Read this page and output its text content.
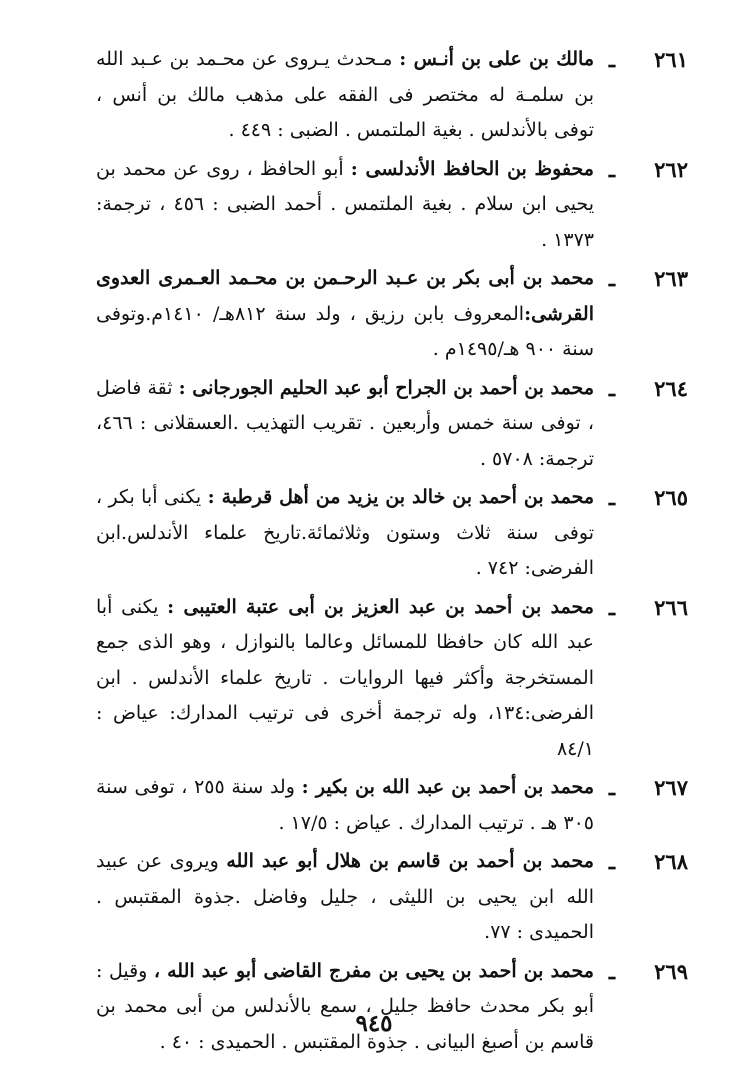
٢٦١
ـ
مالك بن على بن أنـس : مـحدث يـروى عن محـمد بن عـبد الله بن سلمـة له مختصر فى الفقه على مذهب مالك بن أنس ، توفى بالأندلس . بغية الملتمس . الضبى : ٤٤٩ .
٢٦٢
ـ
محفوظ بن الحافظ الأندلسى : أبو الحافظ ، روى عن محمد بن يحيى ابن سلام . بغية الملتمس . أحمد الضبى : ٤٥٦ ، ترجمة: ١٣٧٣ .
٢٦٣
ـ
محمد بن أبى بكر بن عـبد الرحـمن بن محـمد العـمرى العدوى القرشى:المعروف بابن رزيق ، ولد سنة ٨١٢هـ/ ١٤١٠م.وتوفى سنة ٩٠٠ هـ/١٤٩٥م .
٢٦٤
ـ
محمد بن أحمد بن الجراح أبو عبد الحليم الجورجانى : ثقة فاضل ، توفى سنة خمس وأربعين . تقريب التهذيب .العسقلانى : ٤٦٦، ترجمة: ٥٧٠٨ .
٢٦٥
ـ
محمد بن أحمد بن خالد بن يزيد من أهل قرطبة : يكنى أبا بكر ، توفى سنة ثلاث وستون وثلاثمائة.تاريخ علماء الأندلس.ابن الفرضى: ٧٤٢ .
٢٦٦
ـ
محمد بن أحمد بن عبد العزيز بن أبى عتبة العتيبى : يكنى أبا عبد الله كان حافظا للمسائل وعالما بالنوازل ، وهو الذى جمع المستخرجة وأكثر فيها الروايات . تاريخ علماء الأندلس . ابن الفرضى:١٣٤، وله ترجمة أخرى فى ترتيب المدارك: عياض : ٨٤/١
٢٦٧
ـ
محمد بن أحمد بن عبد الله بن بكير : ولد سنة ٢٥٥ ، توفى سنة ٣٠٥ هـ . ترتيب المدارك . عياض : ١٧/٥ .
٢٦٨
ـ
محمد بن أحمد بن قاسم بن هلال أبو عبد الله ويروى عن عبيد الله ابن يحيى بن الليثى ، جليل وفاضل .جذوة المقتبس . الحميدى : ٧٧.
٢٦٩
ـ
محمد بن أحمد بن يحيى بن مفرج القاضى أبو عبد الله ، وقيل : أبو بكر محدث حافظ جليل ، سمع بالأندلس من أبى محمد بن قاسم بن أصبغ البيانى . جذوة المقتبس . الحميدى : ٤٠ .
٩٤٥
